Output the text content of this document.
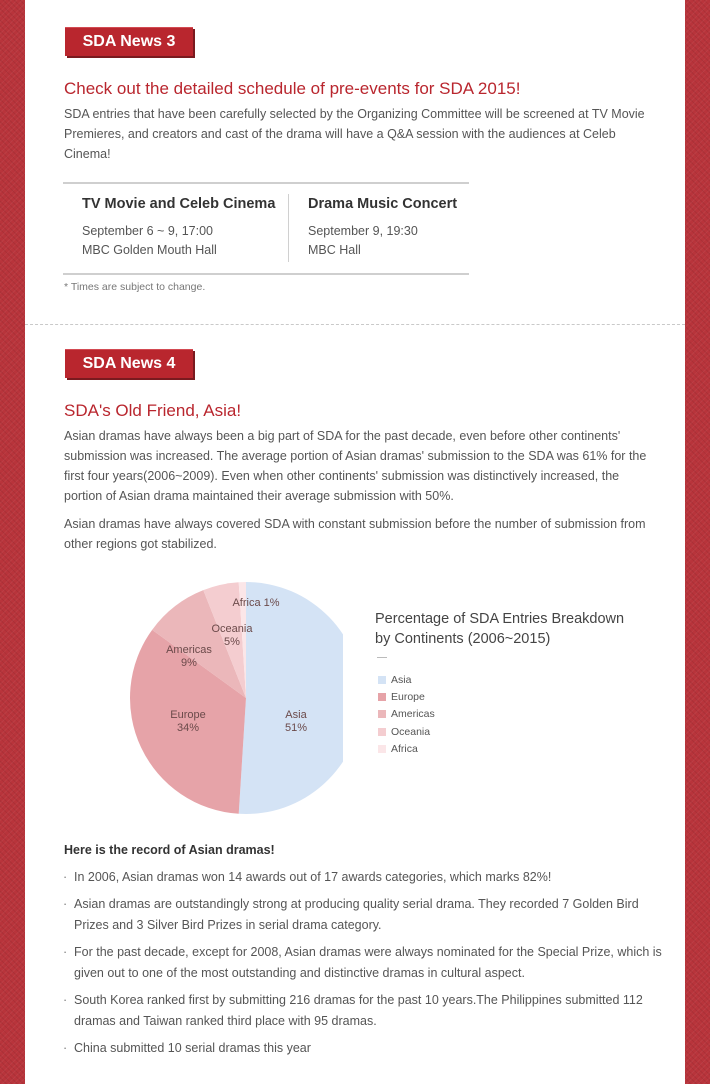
SDA News 3
Check out the detailed schedule of pre-events for SDA 2015!
SDA entries that have been carefully selected by the Organizing Committee will be screened at TV Movie Premieres, and creators and cast of the drama will have a Q&A session with the audiences at Celeb Cinema!
TV Movie and Celeb Cinema
September 6 ~ 9, 17:00
MBC Golden Mouth Hall
Drama Music Concert
September 9, 19:30
MBC Hall
* Times are subject to change.
SDA News 4
SDA's Old Friend, Asia!
Asian dramas have always been a big part of SDA for the past decade, even before other continents' submission was increased. The average portion of Asian dramas' submission to the SDA was 61% for the first four years(2006~2009). Even when other continents' submission was distinctively increased, the portion of Asian drama maintained their average submission with 50%.
Asian dramas have always covered SDA with constant submission before the number of submission from other regions got stabilized.
Asia
51%
Europe
34%
Americas
9%
Oceania
5%
Africa 1%
Percentage of SDA Entries Breakdown by Continents (2006~2015)
Asia
Europe
Americas
Oceania
Africa
Here is the record of Asian dramas!
· In 2006, Asian dramas won 14 awards out of 17 awards categories, which marks 82%!
· Asian dramas are outstandingly strong at producing quality serial drama. They recorded 7 Golden Bird Prizes and 3 Silver Bird Prizes in serial drama category.
· For the past decade, except for 2008, Asian dramas were always nominated for the Special Prize, which is given out to one of the most outstanding and distinctive dramas in cultural aspect.
· South Korea ranked first by submitting 216 dramas for the past 10 years.The Philippines submitted 112 dramas and Taiwan ranked third place with 95 dramas.
· China submitted 10 serial dramas this year
